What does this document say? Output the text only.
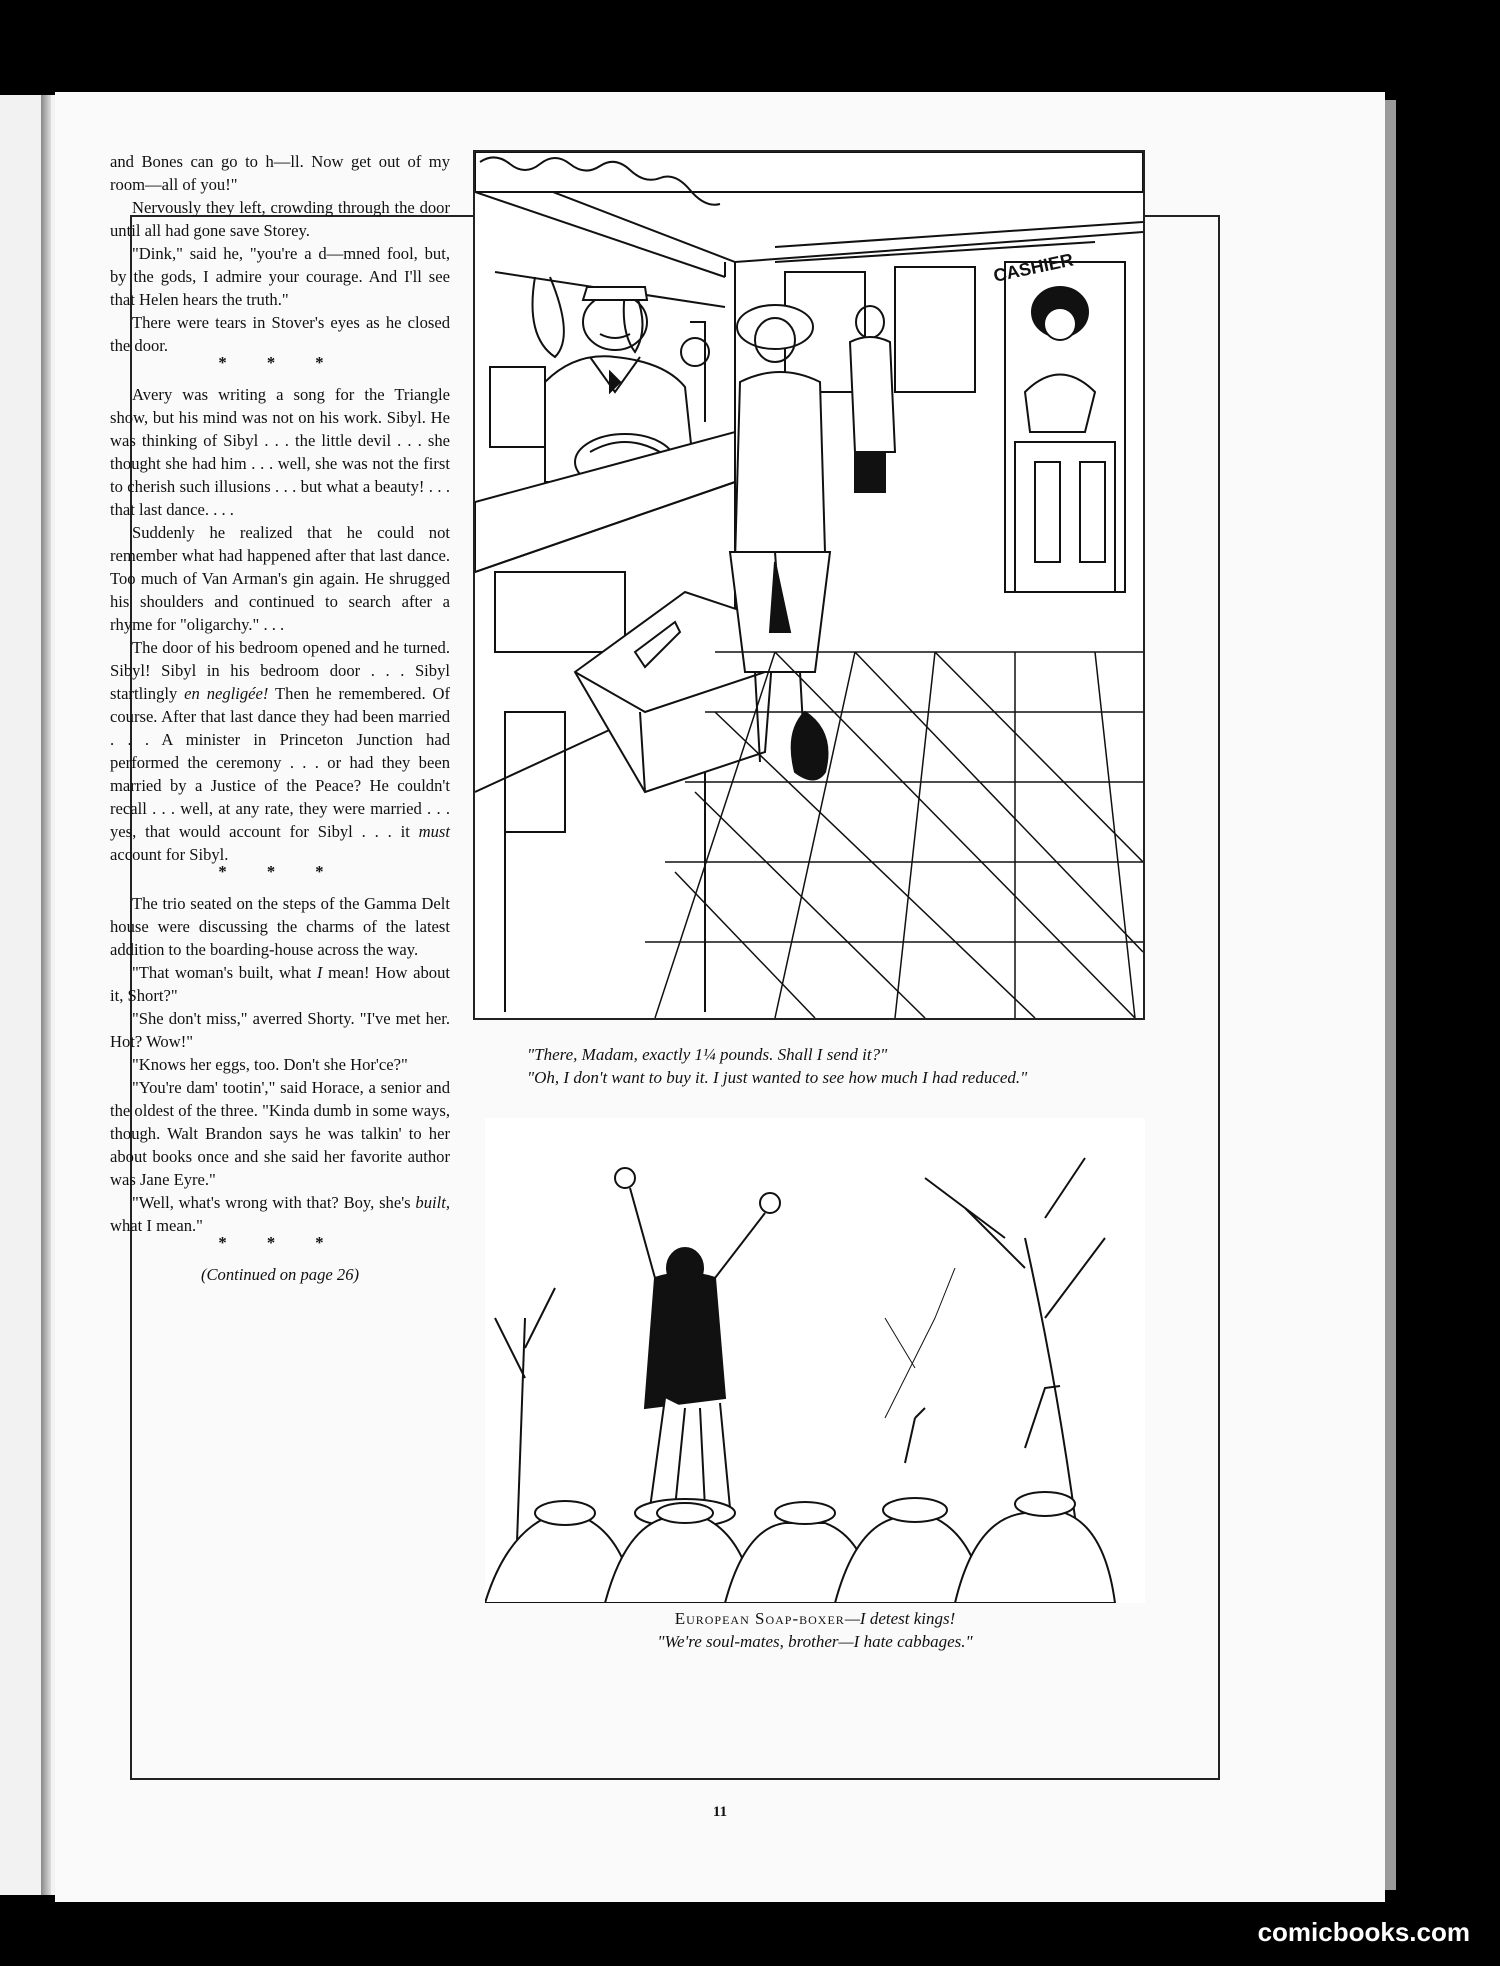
11

and Bones can go to h—ll. Now get out of my room—all of you!"

Nervously they left, crowding through the door until all had gone save Storey.

"Dink," said he, "you're a d—mned fool, but, by the gods, I admire your courage. And I'll see that Helen hears the truth."

There were tears in Stover's eyes as he closed the door.

* * *

Avery was writing a song for the Triangle show, but his mind was not on his work. Sibyl. He was thinking of Sibyl . . . the little devil . . . she thought she had him . . . well, she was not the first to cherish such illusions . . . but what a beauty! . . . that last dance. . . .

Suddenly he realized that he could not remember what had happened after that last dance. Too much of Van Arman's gin again. He shrugged his shoulders and continued to search after a rhyme for "oligarchy." . . .

The door of his bedroom opened and he turned. Sibyl! Sibyl in his bedroom door . . . Sibyl startlingly en negligée! Then he remembered. Of course. After that last dance they had been married . . . A minister in Princeton Junction had performed the ceremony . . . or had they been married by a Justice of the Peace? He couldn't recall . . . well, at any rate, they were married . . . yes, that would account for Sibyl . . . it must account for Sibyl.

* * *

The trio seated on the steps of the Gamma Delt house were discussing the charms of the latest addition to the boarding-house across the way.

"That woman's built, what I mean! How about it, Short?"

"She don't miss," averred Shorty. "I've met her. Hot? Wow!"

"Knows her eggs, too. Don't she Hor'ce?"

"You're dam' tootin'," said Horace, a senior and the oldest of the three. "Kinda dumb in some ways, though. Walt Brandon says he was talkin' to her about books once and she said her favorite author was Jane Eyre."

"Well, what's wrong with that? Boy, she's built, what I mean."

* * *

(Continued on page 26)

CASHIER

"There, Madam, exactly 1¼ pounds. Shall I send it?"

"Oh, I don't want to buy it. I just wanted to see how much I had reduced."

European Soap-boxer—I detest kings!
"We're soul-mates, brother—I hate cabbages."
comicbooks.com
